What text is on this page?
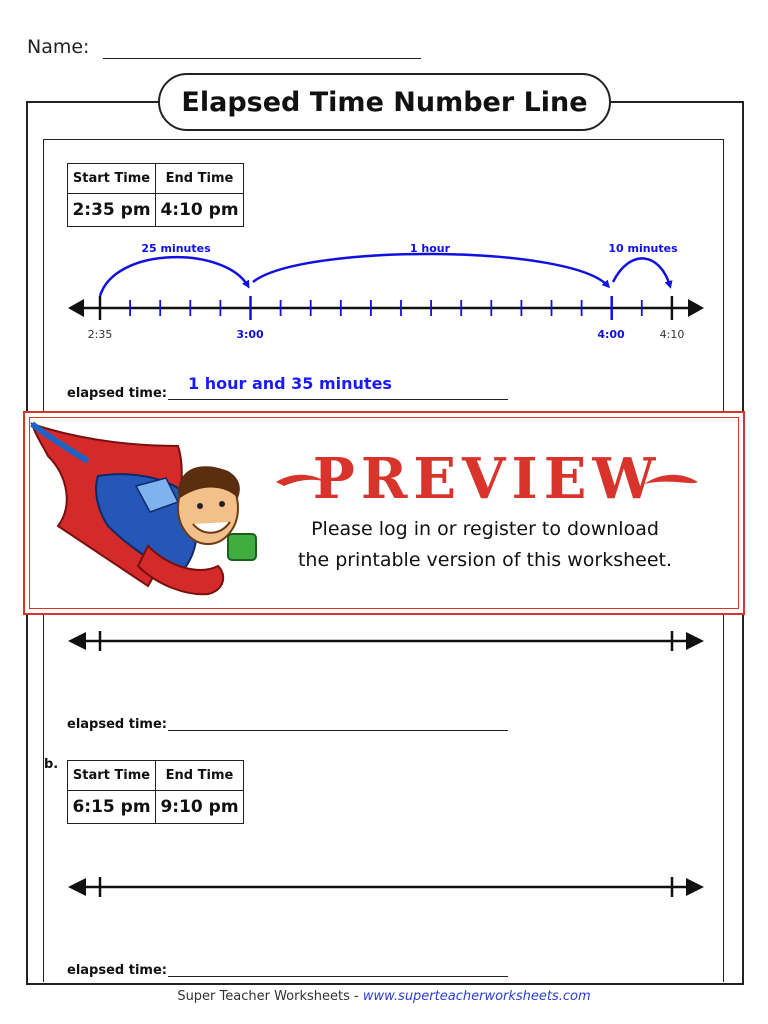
Name:
Elapsed Time Number Line
Start Time	End Time
2:35 pm	4:10 pm
25 minutes	1 hour	10 minutes
2:35	3:00	4:00	4:10
elapsed time:
1 hour and 35 minutes
PREVIEW
Please log in or register to download
the printable version of this worksheet.
elapsed time:
b.
Start Time	End Time
6:15 pm	9:10 pm
elapsed time:
Super Teacher Worksheets - www.superteacherworksheets.com
